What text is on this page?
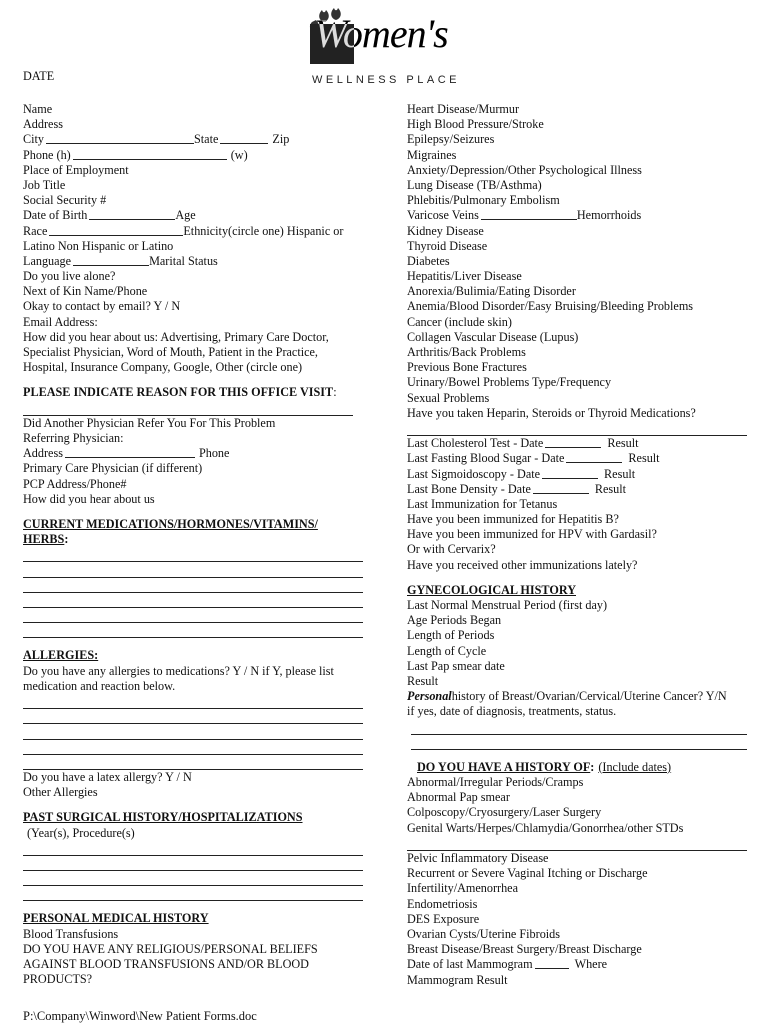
Women's
WELLNESS PLACE
DATE
Name
Address
City	State	Zip
Phone (h)	(w)
Place of Employment
Job Title
Social Security #
Date of Birth	Age
Race	Ethnicity(circle one) Hispanic or
Latino Non Hispanic or Latino
Language	Marital Status
Do you live alone?
Next of Kin Name/Phone
Okay to contact by email? Y / N
Email Address:
How did you hear about us: Advertising, Primary Care Doctor, Specialist Physician, Word of Mouth, Patient in the Practice, Hospital, Insurance Company, Google, Other (circle one)
PLEASE INDICATE REASON FOR THIS OFFICE VISIT :
Did Another Physician Refer You For This Problem
Referring Physician:
Address	Phone
Primary Care Physician (if different)
PCP Address/Phone#
How did you hear about us
CURRENT MEDICATIONS/HORMONES/VITAMINS/
HERBS :
ALLERGIES:
Do you have any allergies to medications? Y / N if Y, please list medication and reaction below.
Do you have a latex allergy? Y / N
Other Allergies
PAST SURGICAL HISTORY/HOSPITALIZATIONS
(Year(s), Procedure(s)
PERSONAL MEDICAL HISTORY
Blood Transfusions
DO YOU HAVE ANY RELIGIOUS/PERSONAL BELIEFS
AGAINST BLOOD TRANSFUSIONS AND/OR BLOOD
PRODUCTS?
Heart Disease/Murmur
High Blood Pressure/Stroke
Epilepsy/Seizures
Migraines
Anxiety/Depression/Other Psychological Illness
Lung Disease (TB/Asthma)
Phlebitis/Pulmonary Embolism
Varicose Veins	Hemorrhoids
Kidney Disease
Thyroid Disease
Diabetes
Hepatitis/Liver Disease
Anorexia/Bulimia/Eating Disorder
Anemia/Blood Disorder/Easy Bruising/Bleeding Problems
Cancer (include skin)
Collagen Vascular Disease (Lupus)
Arthritis/Back Problems
Previous Bone Fractures
Urinary/Bowel Problems Type/Frequency
Sexual Problems
Have you taken Heparin, Steroids or Thyroid Medications?
Last Cholesterol Test - Date	Result
Last Fasting Blood Sugar - Date	Result
Last Sigmoidoscopy - Date	Result
Last Bone Density - Date	Result
Last Immunization for Tetanus
Have you been immunized for Hepatitis B?
Have you been immunized for HPV with Gardasil?
Or with Cervarix?
Have you received other immunizations lately?
GYNECOLOGICAL HISTORY
Last Normal Menstrual Period (first day)
Age Periods Began
Length of Periods
Length of Cycle
Last Pap smear date
Result
Personal history of Breast/Ovarian/Cervical/Uterine Cancer? Y/N
if yes, date of diagnosis, treatments, status.
DO YOU HAVE A HISTORY OF : (Include dates)
Abnormal/Irregular Periods/Cramps
Abnormal Pap smear
Colposcopy/Cryosurgery/Laser Surgery
Genital Warts/Herpes/Chlamydia/Gonorrhea/other STDs
Pelvic Inflammatory Disease
Recurrent or Severe Vaginal Itching or Discharge
Infertility/Amenorrhea
Endometriosis
DES Exposure
Ovarian Cysts/Uterine Fibroids
Breast Disease/Breast Surgery/Breast Discharge
Date of last Mammogram	Where
Mammogram Result
P:\Company\Winword\New Patient Forms.doc
